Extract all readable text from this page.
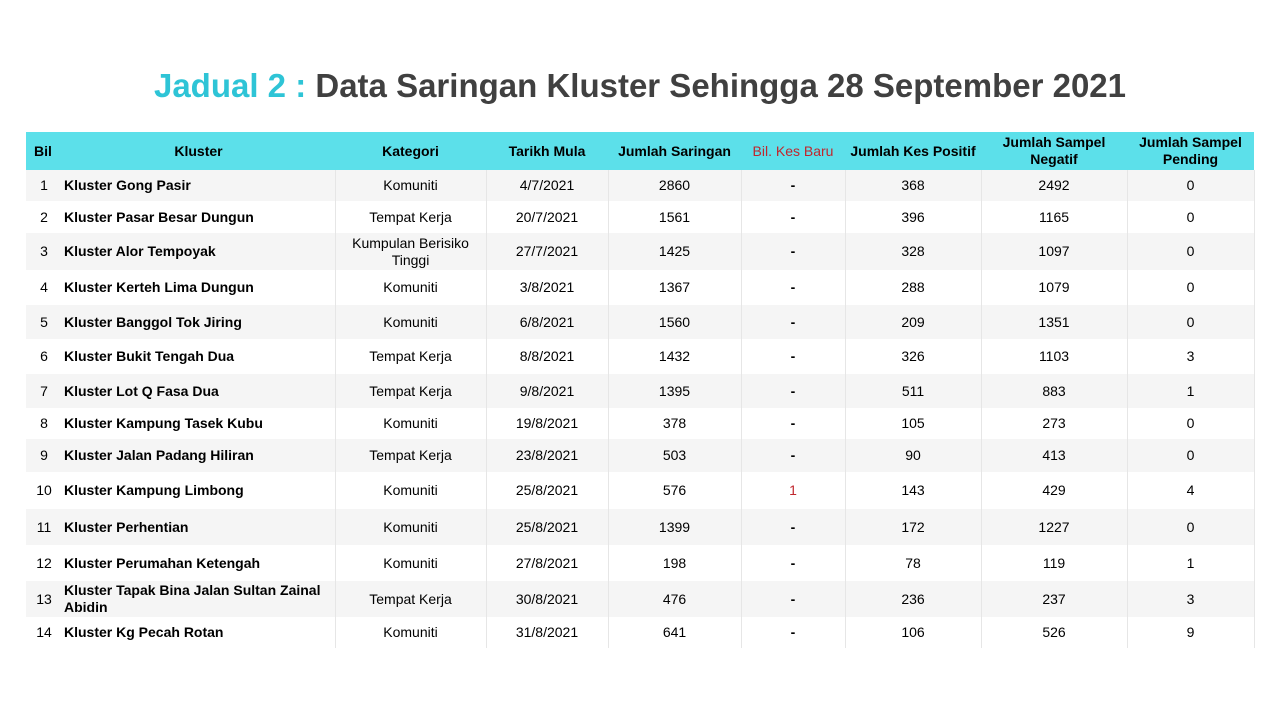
Jadual 2 : Data Saringan Kluster Sehingga 28 September 2021
Bil	Kluster	Kategori	Tarikh Mula	Jumlah Saringan	Bil. Kes Baru	Jumlah Kes Positif	Jumlah Sampel Negatif	Jumlah Sampel Pending
1	Kluster Gong Pasir	Komuniti	4/7/2021	2860	-	368	2492	0
2	Kluster Pasar Besar Dungun	Tempat Kerja	20/7/2021	1561	-	396	1165	0
3	Kluster Alor Tempoyak	Kumpulan Berisiko Tinggi	27/7/2021	1425	-	328	1097	0
4	Kluster Kerteh Lima Dungun	Komuniti	3/8/2021	1367	-	288	1079	0
5	Kluster Banggol Tok Jiring	Komuniti	6/8/2021	1560	-	209	1351	0
6	Kluster Bukit Tengah Dua	Tempat Kerja	8/8/2021	1432	-	326	1103	3
7	Kluster Lot Q Fasa Dua	Tempat Kerja	9/8/2021	1395	-	511	883	1
8	Kluster Kampung Tasek Kubu	Komuniti	19/8/2021	378	-	105	273	0
9	Kluster Jalan Padang Hiliran	Tempat Kerja	23/8/2021	503	-	90	413	0
10	Kluster Kampung Limbong	Komuniti	25/8/2021	576	1	143	429	4
11	Kluster Perhentian	Komuniti	25/8/2021	1399	-	172	1227	0
12	Kluster Perumahan Ketengah	Komuniti	27/8/2021	198	-	78	119	1
13	Kluster Tapak Bina Jalan Sultan Zainal Abidin	Tempat Kerja	30/8/2021	476	-	236	237	3
14	Kluster Kg Pecah Rotan	Komuniti	31/8/2021	641	-	106	526	9
